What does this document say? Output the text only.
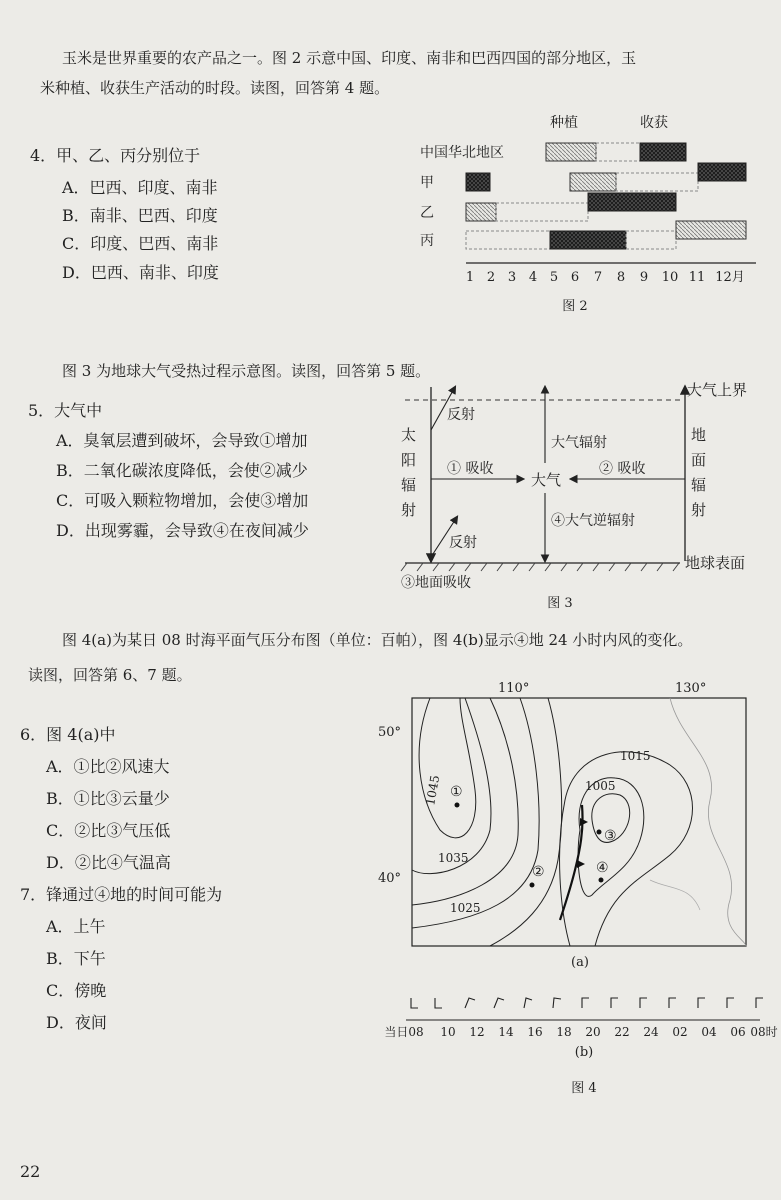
玉米是世界重要的农产品之一。图 2 示意中国、印度、南非和巴西四国的部分地区，玉
米种植、收获生产活动的时段。读图，回答第 4 题。
4．甲、乙、丙分别位于
A．巴西、印度、南非
B．南非、巴西、印度
C．印度、巴西、南非
D．巴西、南非、印度
种植	收获
中国华北地区
甲
乙
丙
1 2 3 4 5 6 7 8 9 10 11 12月
图 2
图 3 为地球大气受热过程示意图。读图，回答第 5 题。
5．大气中
A．臭氧层遭到破坏，会导致①增加
B．二氧化碳浓度降低，会使②减少
C．可吸入颗粒物增加，会使③增加
D．出现雾霾，会导致④在夜间减少
大气上界
地球表面
太
阳
辐
射
反射
反射
① 吸收
大气
② 吸收
地
面
辐
射
大气辐射
④大气逆辐射
③地面吸收
图 3
图 4(a)为某日 08 时海平面气压分布图（单位：百帕），图 4(b)显示④地 24 小时内风的变化。
读图，回答第 6、7 题。
6．图 4(a)中
A．①比②风速大
B．①比③云量少
C．②比③气压低
D．②比④气温高
7．锋通过④地的时间可能为
A．上午
B．下午
C．傍晚
D．夜间
110°	130°
50°
40°
1045
1035
1025
1015
1005
①
②
③
④
(a)
当日08 10 12 14 16 18 20 22 24 02 04 06 08时
(b)
图 4
22
